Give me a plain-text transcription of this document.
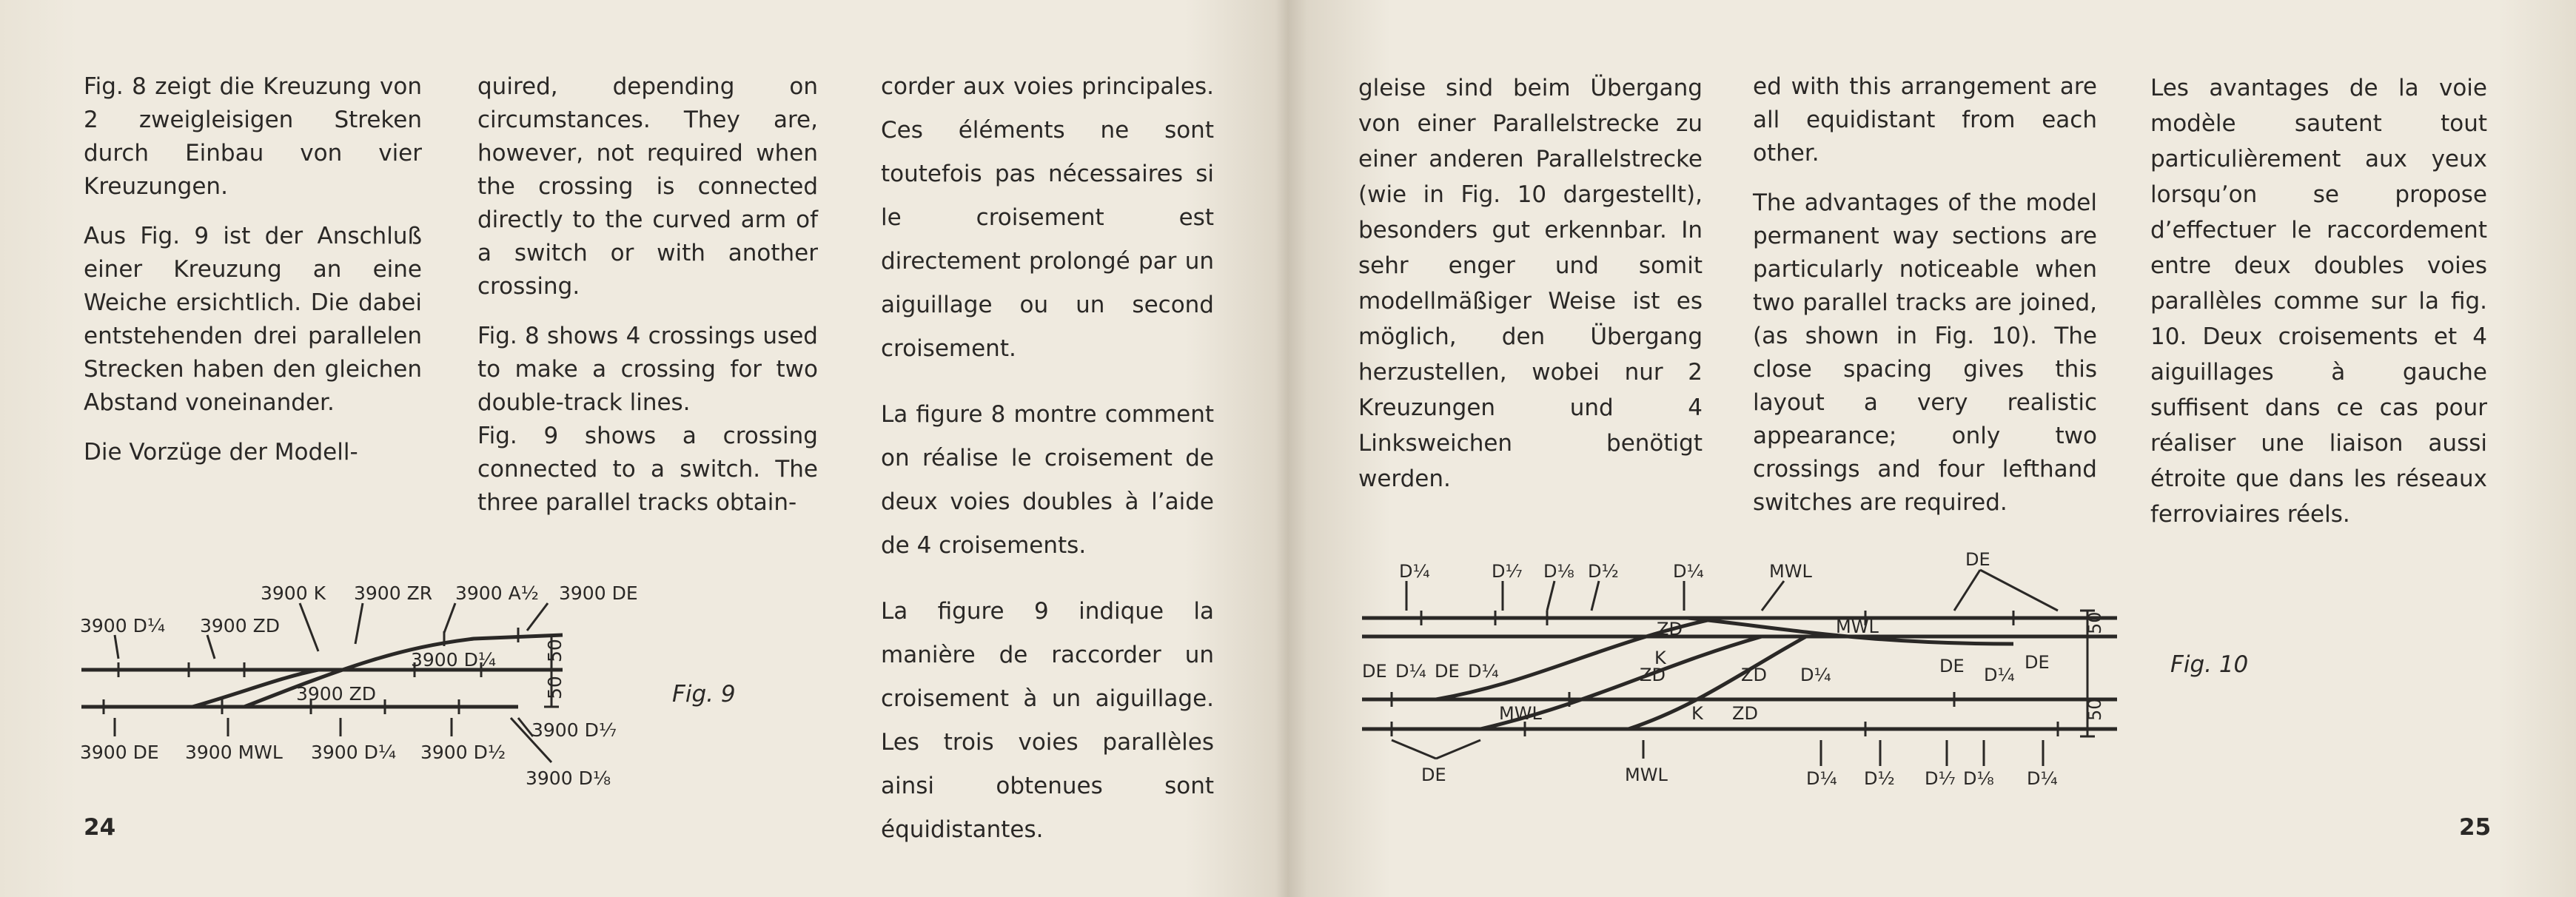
Fig. 8 zeigt die Kreuzung von 2 zweigleisigen Streken durch Einbau von vier Kreuzungen.

Aus Fig. 9 ist der Anschluß einer Kreuzung an eine Weiche ersichtlich. Die dabei entstehenden drei parallelen Strecken haben den gleichen Abstand voneinander.

Die Vorzüge der Modell-

quired, depending on circumstances. They are, however, not required when the crossing is connected directly to the curved arm of a switch or with another crossing.

Fig. 8 shows 4 crossings used to make a crossing for two double-track lines.

Fig. 9 shows a crossing connected to a switch. The three parallel tracks obtain-

corder aux voies principales. Ces éléments ne sont toutefois pas nécessaires si le croisement est directement prolongé par un aiguillage ou un second croisement.

La figure 8 montre comment on réalise le croisement de deux voies doubles à l’aide de 4 croisements.

La figure 9 indique la manière de raccorder un croisement à un aiguillage. Les trois voies parallèles ainsi obtenues sont équidistantes.

3900 K 3900 ZR 3900 A½ 3900 DE
3900 D¼ 3900 ZD
3900 D¼
3900 ZD
50
50
3900 DE 3900 MWL 3900 D¼ 3900 D½
3900 D⅐
3900 D⅛
Fig. 9
24

gleise sind beim Übergang von einer Parallelstrecke zu einer anderen Parallelstrecke (wie in Fig. 10 dargestellt), besonders gut erkennbar. In sehr enger und somit modellmäßiger Weise ist es möglich, den Übergang herzustellen, wobei nur 2 Kreuzungen und 4 Linksweichen benötigt werden.

ed with this arrangement are all equidistant from each other.

The advantages of the model permanent way sections are particularly noticeable when two parallel tracks are joined, (as shown in Fig. 10). The close spacing gives this layout a very realistic appearance; only two crossings and four lefthand switches are required.

Les avantages de la voie modèle sautent tout particulièrement aux yeux lorsqu’on se propose d’effectuer le raccordement entre deux doubles voies parallèles comme sur la fig. 10. Deux croisements et 4 aiguillages à gauche suffisent dans ce cas pour réaliser une liaison aussi étroite que dans les réseaux ferroviaires réels.

D¼	D⅐ D⅛ D½	D¼	MWL
DE
DE D¼ DE D¼
ZD	MWL
K
ZD	ZD D¼	DE	DE
D¼
MWL	K ZD
DE	MWL	D¼ D½ D⅐ D⅛ D¼
50
50
Fig. 10
25
